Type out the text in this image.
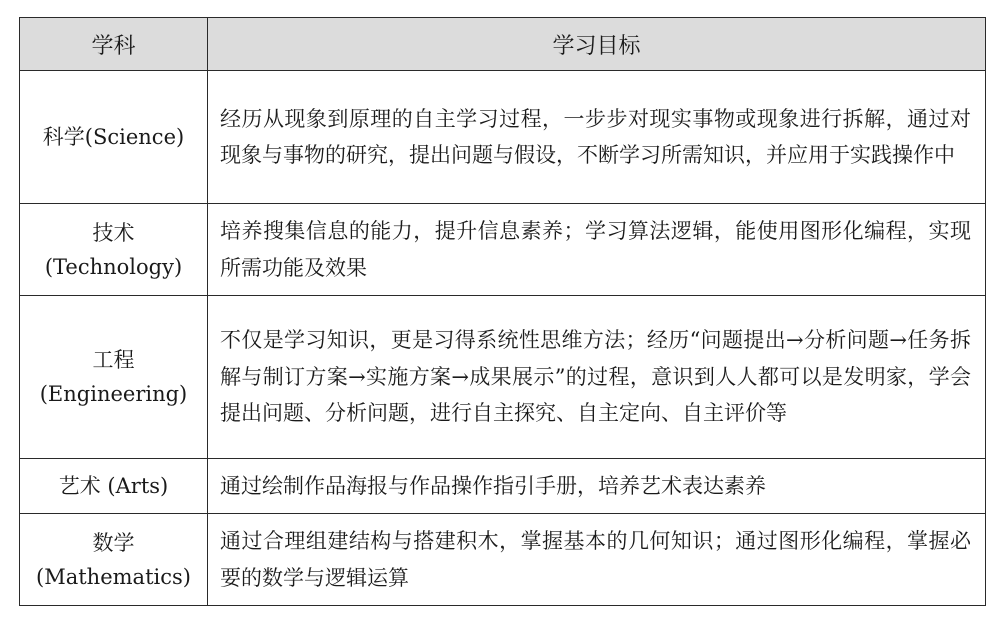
学科	学习目标

科学(Science)	经历从现象到原理的自主学习过程，一步步对现实事物或现象进行拆解，通过对现象与事物的研究，提出问题与假设，不断学习所需知识，并应用于实践操作中

技术
(Technology)	培养搜集信息的能力，提升信息素养；学习算法逻辑，能使用图形化编程，实现所需功能及效果

工程
(Engineering)	不仅是学习知识，更是习得系统性思维方法；经历“问题提出→分析问题→任务拆解与制订方案→实施方案→成果展示”的过程，意识到人人都可以是发明家，学会提出问题、分析问题，进行自主探究、自主定向、自主评价等

艺术 (Arts)	通过绘制作品海报与作品操作指引手册，培养艺术表达素养

数学
(Mathematics)	通过合理组建结构与搭建积木，掌握基本的几何知识；通过图形化编程，掌握必要的数学与逻辑运算
